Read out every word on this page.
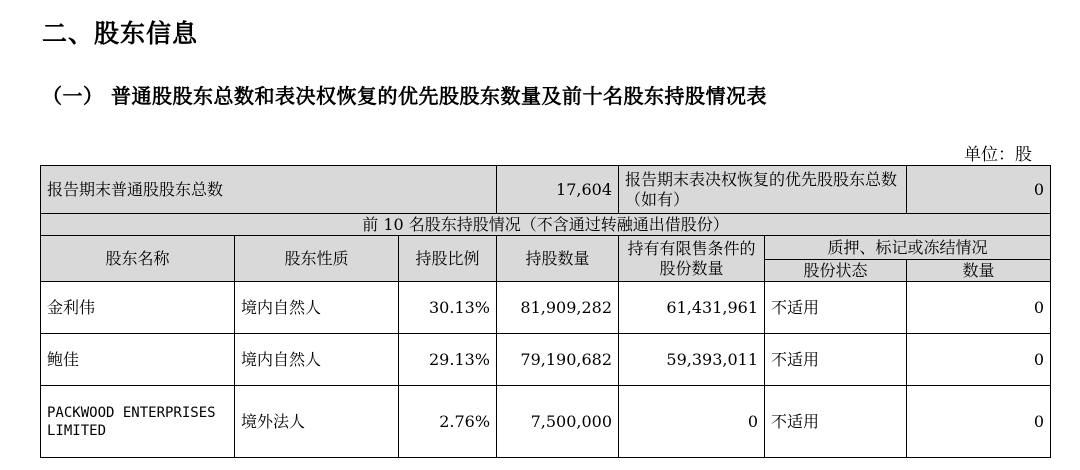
二、股东信息
（一） 普通股股东总数和表决权恢复的优先股股东数量及前十名股东持股情况表
单位：股
报告期末普通股股东总数			17,604	报告期末表决权恢复的优先股股东总数（如有）		0
前 10 名股东持股情况（不含通过转融通出借股份）						
股东名称	股东性质	持股比例	持股数量	持有有限售条件的股份数量	质押、标记或冻结情况	
					股份状态	数量
金利伟	境内自然人	30.13%	81,909,282	61,431,961	不适用	0
鲍佳	境内自然人	29.13%	79,190,682	59,393,011	不适用	0
PACKWOOD ENTERPRISES LIMITED	境外法人	2.76%	7,500,000	0	不适用	0
